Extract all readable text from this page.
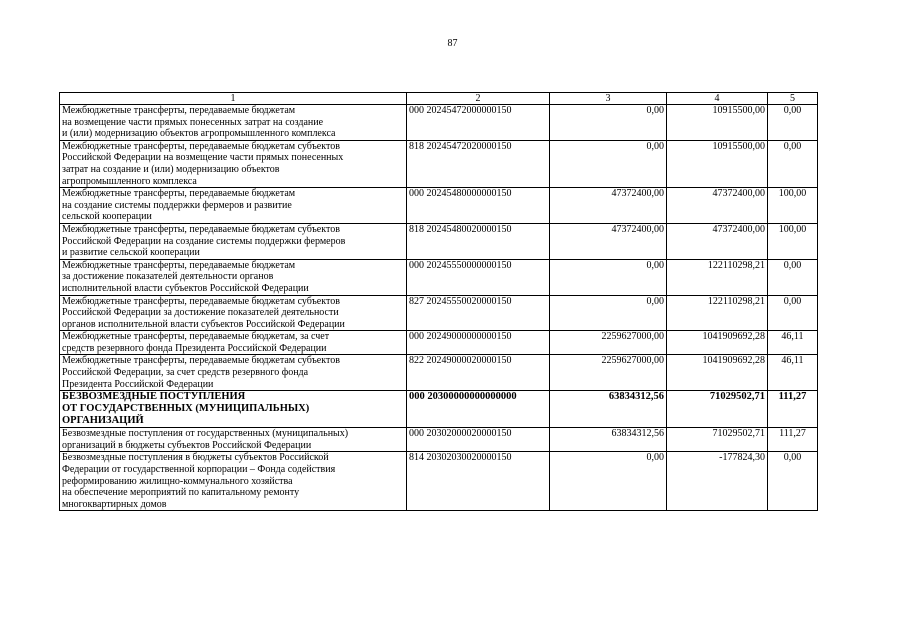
87
1	2	3	4	5
Межбюджетные трансферты, передаваемые бюджетам
на возмещение части прямых понесенных затрат на создание
и (или) модернизацию объектов агропромышленного комплекса	000 20245472000000150	0,00	10915500,00	0,00
Межбюджетные трансферты, передаваемые бюджетам субъектов
Российской Федерации на возмещение части прямых понесенных
затрат на создание и (или) модернизацию объектов
агропромышленного комплекса	818 20245472020000150	0,00	10915500,00	0,00
Межбюджетные трансферты, передаваемые бюджетам
на создание системы поддержки фермеров и развитие
сельской кооперации	000 20245480000000150	47372400,00	47372400,00	100,00
Межбюджетные трансферты, передаваемые бюджетам субъектов
Российской Федерации на создание системы поддержки фермеров
и развитие сельской кооперации	818 20245480020000150	47372400,00	47372400,00	100,00
Межбюджетные трансферты, передаваемые бюджетам
за достижение показателей деятельности органов
исполнительной власти субъектов Российской Федерации	000 20245550000000150	0,00	122110298,21	0,00
Межбюджетные трансферты, передаваемые бюджетам субъектов
Российской Федерации за достижение показателей деятельности
органов исполнительной власти субъектов Российской Федерации	827 20245550020000150	0,00	122110298,21	0,00
Межбюджетные трансферты, передаваемые бюджетам, за счет
средств резервного фонда Президента Российской Федерации	000 20249000000000150	2259627000,00	1041909692,28	46,11
Межбюджетные трансферты, передаваемые бюджетам субъектов
Российской Федерации, за счет средств резервного фонда
Президента Российской Федерации	822 20249000020000150	2259627000,00	1041909692,28	46,11
БЕЗВОЗМЕЗДНЫЕ ПОСТУПЛЕНИЯ
ОТ ГОСУДАРСТВЕННЫХ (МУНИЦИПАЛЬНЫХ)
ОРГАНИЗАЦИЙ	000 20300000000000000	63834312,56	71029502,71	111,27
Безвозмездные поступления от государственных (муниципальных)
организаций в бюджеты субъектов Российской Федерации	000 20302000020000150	63834312,56	71029502,71	111,27
Безвозмездные поступления в бюджеты субъектов Российской
Федерации от государственной корпорации – Фонда содействия
реформированию жилищно-коммунального хозяйства
на обеспечение мероприятий по капитальному ремонту
многоквартирных домов	814 20302030020000150	0,00	-177824,30	0,00
